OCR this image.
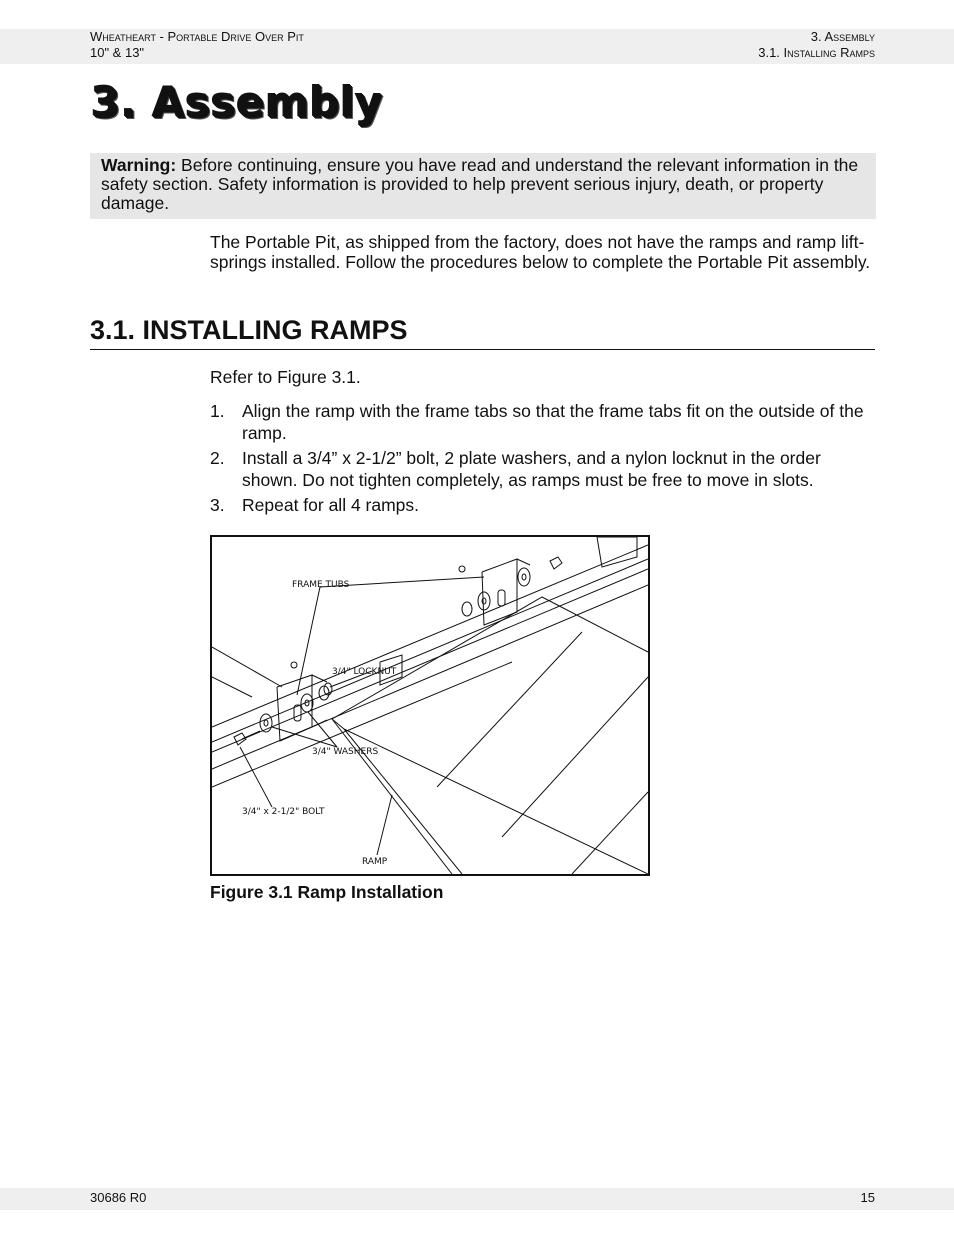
Wheatheart - Portable Drive Over Pit
10" & 13"
3. Assembly
3.1. Installing Ramps
3. Assembly
Warning: Before continuing, ensure you have read and understand the relevant information in the safety section. Safety information is provided to help prevent serious injury, death, or property damage.

The Portable Pit, as shipped from the factory, does not have the ramps and ramp lift-springs installed. Follow the procedures below to complete the Portable Pit assembly.

3.1. INSTALLING RAMPS

Refer to Figure 3.1.

1. Align the ramp with the frame tabs so that the frame tabs fit on the outside of the ramp.
2. Install a 3/4” x 2-1/2” bolt, 2 plate washers, and a nylon locknut in the order shown. Do not tighten completely, as ramps must be free to move in slots.
3. Repeat for all 4 ramps.
FRAME TUBS
3/4" LOCKNUT
3/4" WASHERS
3/4" x 2-1/2" BOLT
RAMP
Figure 3.1 Ramp Installation
30686 R0	15
